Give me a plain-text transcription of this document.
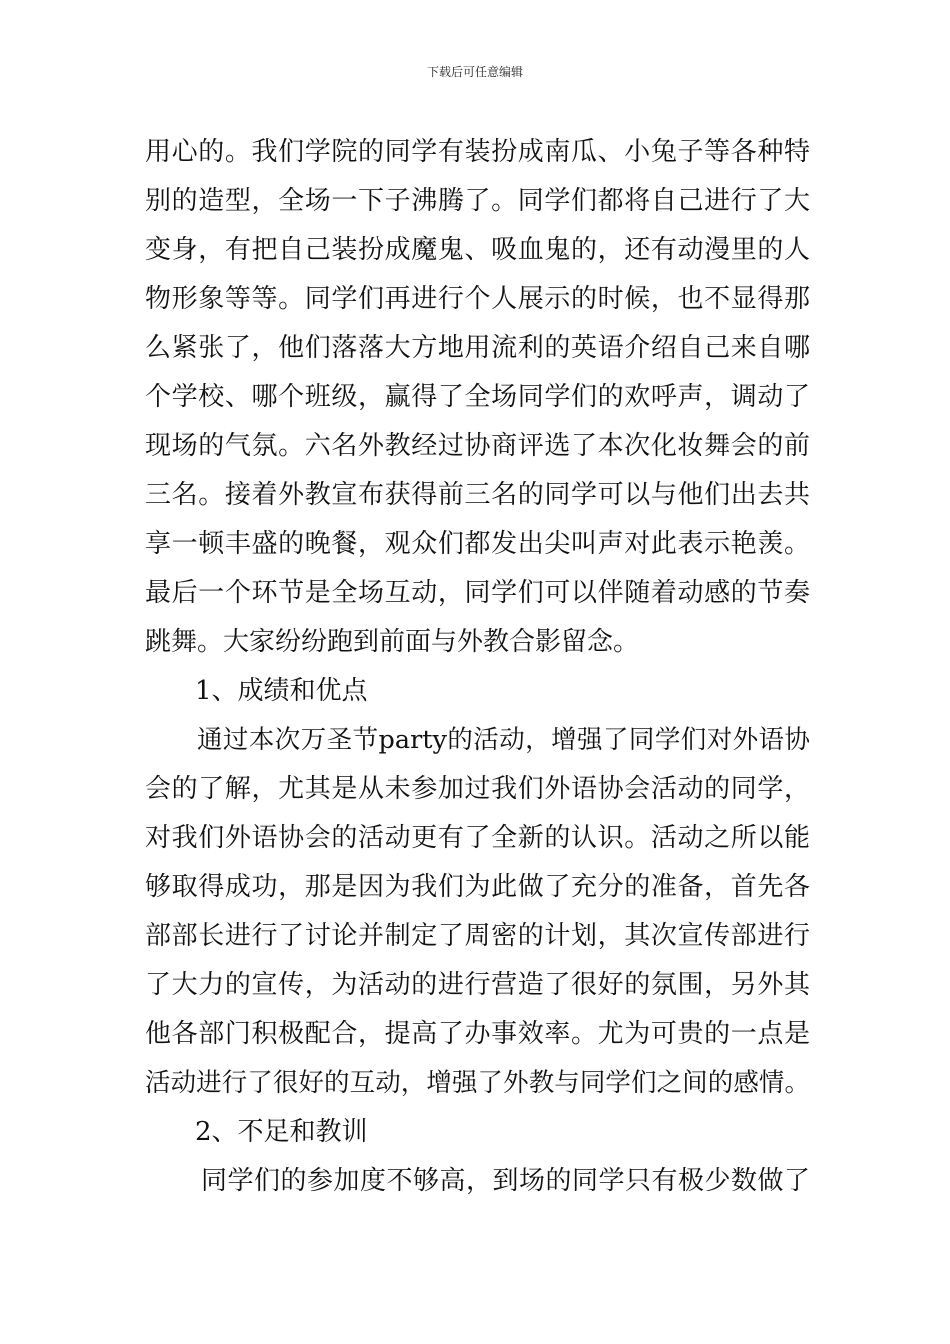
下载后可任意编辑
用心的。我们学院的同学有装扮成南瓜、小兔子等各种特
别的造型，全场一下子沸腾了。同学们都将自己进行了大
变身，有把自己装扮成魔鬼、吸血鬼的，还有动漫里的人
物形象等等。同学们再进行个人展示的时候，也不显得那
么紧张了，他们落落大方地用流利的英语介绍自己来自哪
个学校、哪个班级，赢得了全场同学们的欢呼声，调动了
现场的气氛。六名外教经过协商评选了本次化妆舞会的前
三名。接着外教宣布获得前三名的同学可以与他们出去共
享一顿丰盛的晚餐，观众们都发出尖叫声对此表示艳羡。
最后一个环节是全场互动，同学们可以伴随着动感的节奏
跳舞。大家纷纷跑到前面与外教合影留念。
1、成绩和优点
通过本次万圣节party的活动，增强了同学们对外语协
会的了解，尤其是从未参加过我们外语协会活动的同学，
对我们外语协会的活动更有了全新的认识。活动之所以能
够取得成功，那是因为我们为此做了充分的准备，首先各
部部长进行了讨论并制定了周密的计划，其次宣传部进行
了大力的宣传，为活动的进行营造了很好的氛围，另外其
他各部门积极配合，提高了办事效率。尤为可贵的一点是
活动进行了很好的互动，增强了外教与同学们之间的感情。
2、不足和教训
同学们的参加度不够高，到场的同学只有极少数做了
